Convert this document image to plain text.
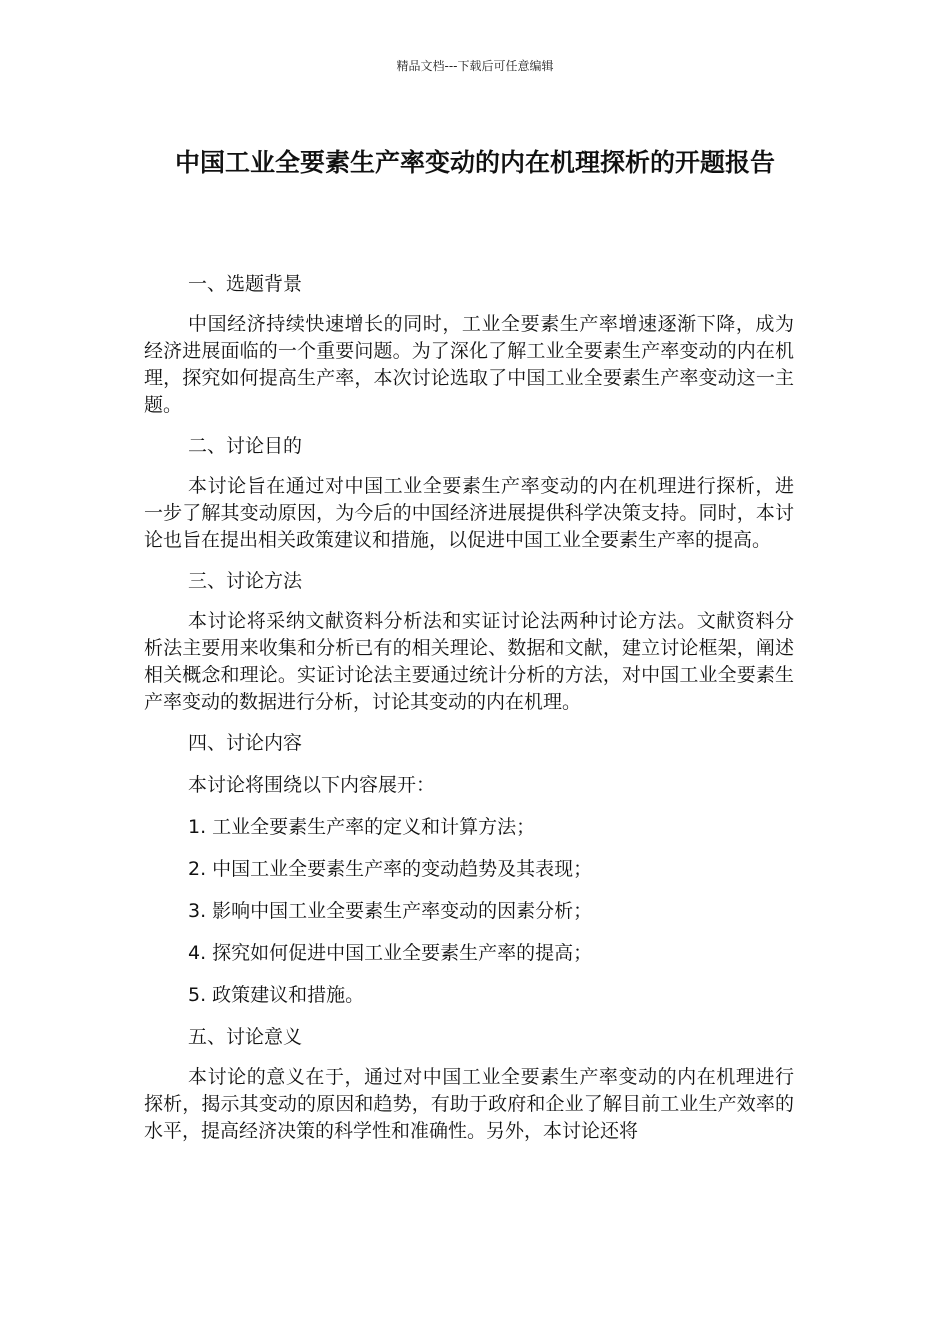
精品文档---下载后可任意编辑
中国工业全要素生产率变动的内在机理探析的开题报告
一、选题背景

中国经济持续快速增长的同时，工业全要素生产率增速逐渐下降，成为经济进展面临的一个重要问题。为了深化了解工业全要素生产率变动的内在机理，探究如何提高生产率，本次讨论选取了中国工业全要素生产率变动这一主题。

二、讨论目的

本讨论旨在通过对中国工业全要素生产率变动的内在机理进行探析，进一步了解其变动原因，为今后的中国经济进展提供科学决策支持。同时，本讨论也旨在提出相关政策建议和措施，以促进中国工业全要素生产率的提高。

三、讨论方法

本讨论将采纳文献资料分析法和实证讨论法两种讨论方法。文献资料分析法主要用来收集和分析已有的相关理论、数据和文献，建立讨论框架，阐述相关概念和理论。实证讨论法主要通过统计分析的方法，对中国工业全要素生产率变动的数据进行分析，讨论其变动的内在机理。

四、讨论内容
本讨论将围绕以下内容展开：
1. 工业全要素生产率的定义和计算方法；
2. 中国工业全要素生产率的变动趋势及其表现；
3. 影响中国工业全要素生产率变动的因素分析；
4. 探究如何促进中国工业全要素生产率的提高；
5. 政策建议和措施。
五、讨论意义

本讨论的意义在于，通过对中国工业全要素生产率变动的内在机理进行探析，揭示其变动的原因和趋势，有助于政府和企业了解目前工业生产效率的水平，提高经济决策的科学性和准确性。另外，本讨论还将
